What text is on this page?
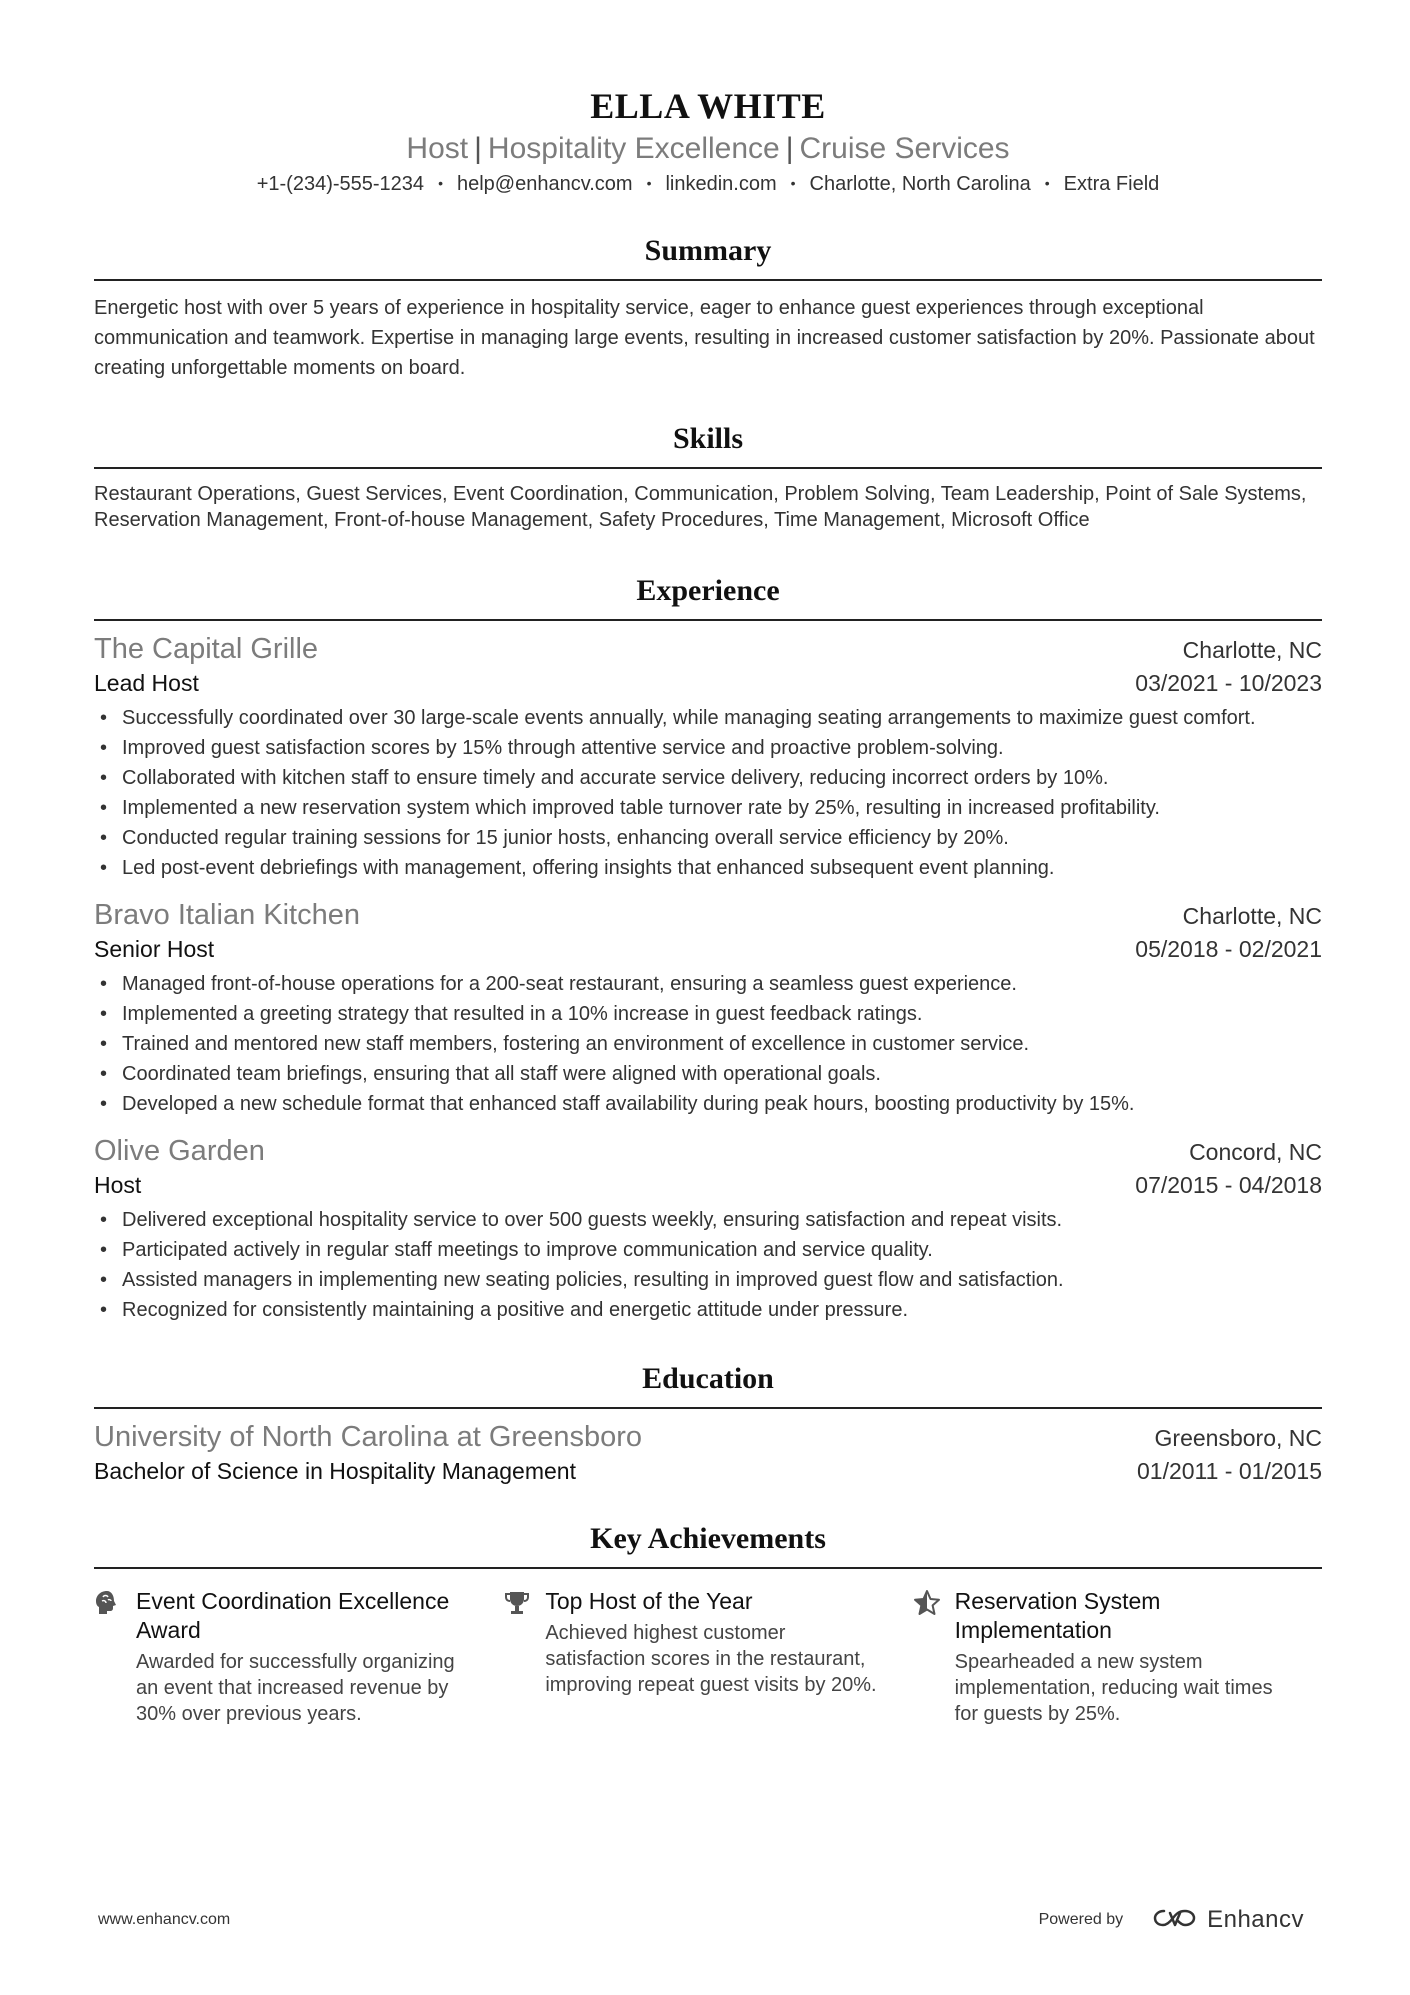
ELLA WHITE
Host | Hospitality Excellence | Cruise Services
+1-(234)-555-1234 • help@enhancv.com • linkedin.com • Charlotte, North Carolina • Extra Field
Summary
Energetic host with over 5 years of experience in hospitality service, eager to enhance guest experiences through exceptional communication and teamwork. Expertise in managing large events, resulting in increased customer satisfaction by 20%. Passionate about creating unforgettable moments on board.
Skills
Restaurant Operations, Guest Services, Event Coordination, Communication, Problem Solving, Team Leadership, Point of Sale Systems, Reservation Management, Front-of-house Management, Safety Procedures, Time Management, Microsoft Office
Experience
The Capital Grille	Charlotte, NC
Lead Host	03/2021 - 10/2023
• Successfully coordinated over 30 large-scale events annually, while managing seating arrangements to maximize guest comfort.
• Improved guest satisfaction scores by 15% through attentive service and proactive problem-solving.
• Collaborated with kitchen staff to ensure timely and accurate service delivery, reducing incorrect orders by 10%.
• Implemented a new reservation system which improved table turnover rate by 25%, resulting in increased profitability.
• Conducted regular training sessions for 15 junior hosts, enhancing overall service efficiency by 20%.
• Led post-event debriefings with management, offering insights that enhanced subsequent event planning.
Bravo Italian Kitchen	Charlotte, NC
Senior Host	05/2018 - 02/2021
• Managed front-of-house operations for a 200-seat restaurant, ensuring a seamless guest experience.
• Implemented a greeting strategy that resulted in a 10% increase in guest feedback ratings.
• Trained and mentored new staff members, fostering an environment of excellence in customer service.
• Coordinated team briefings, ensuring that all staff were aligned with operational goals.
• Developed a new schedule format that enhanced staff availability during peak hours, boosting productivity by 15%.
Olive Garden	Concord, NC
Host	07/2015 - 04/2018
• Delivered exceptional hospitality service to over 500 guests weekly, ensuring satisfaction and repeat visits.
• Participated actively in regular staff meetings to improve communication and service quality.
• Assisted managers in implementing new seating policies, resulting in improved guest flow and satisfaction.
• Recognized for consistently maintaining a positive and energetic attitude under pressure.
Education
University of North Carolina at Greensboro	Greensboro, NC
Bachelor of Science in Hospitality Management	01/2011 - 01/2015
Key Achievements
Event Coordination Excellence Award
Awarded for successfully organizing an event that increased revenue by 30% over previous years.
Top Host of the Year
Achieved highest customer satisfaction scores in the restaurant, improving repeat guest visits by 20%.
Reservation System Implementation
Spearheaded a new system implementation, reducing wait times for guests by 25%.
www.enhancv.com	Powered by	Enhancv
